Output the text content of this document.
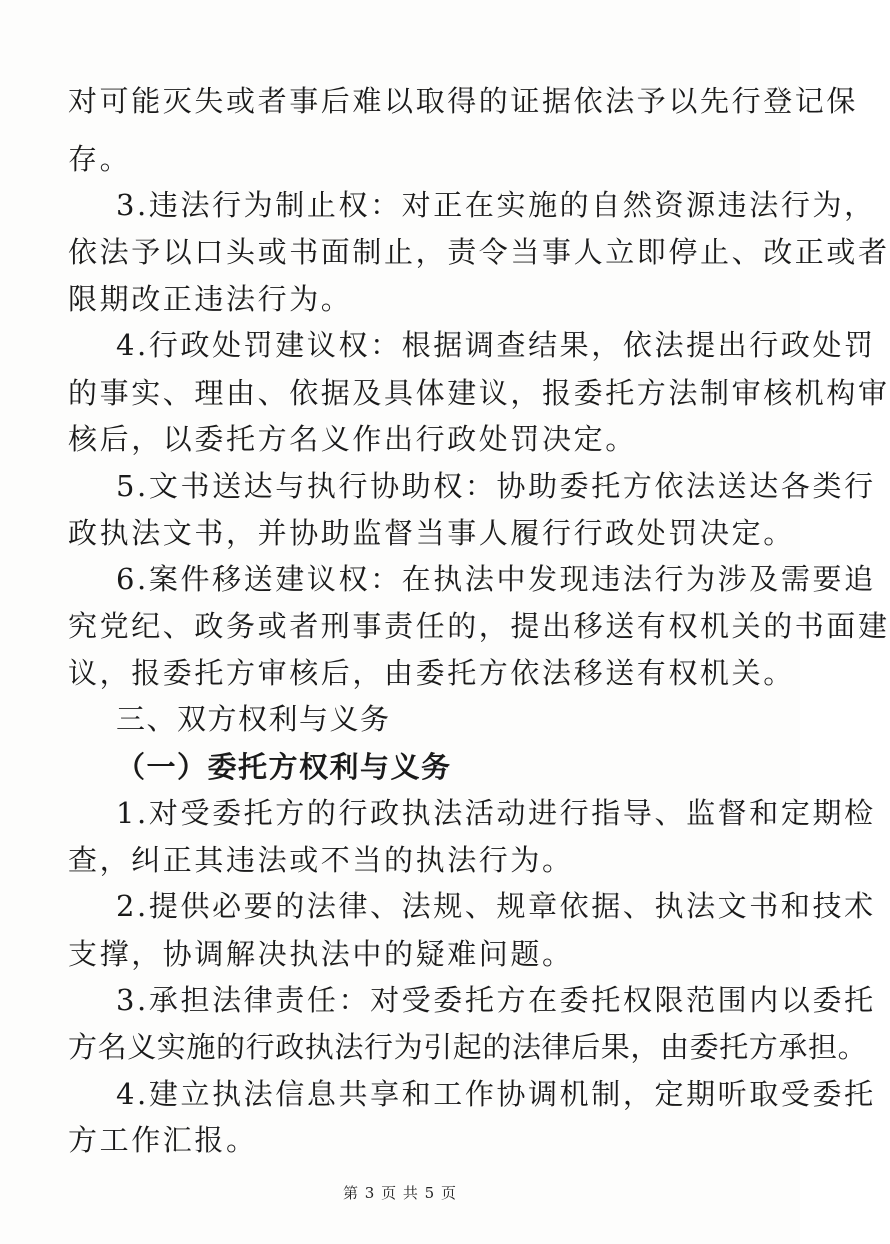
对可能灭失或者事后难以取得的证据依法予以先行登记保
存。
3.违法行为制止权：对正在实施的自然资源违法行为，
依法予以口头或书面制止，责令当事人立即停止、改正或者
限期改正违法行为。
4.行政处罚建议权：根据调查结果，依法提出行政处罚
的事实、理由、依据及具体建议，报委托方法制审核机构审
核后，以委托方名义作出行政处罚决定。
5.文书送达与执行协助权：协助委托方依法送达各类行
政执法文书，并协助监督当事人履行行政处罚决定。
6.案件移送建议权：在执法中发现违法行为涉及需要追
究党纪、政务或者刑事责任的，提出移送有权机关的书面建
议，报委托方审核后，由委托方依法移送有权机关。
三、双方权利与义务
（一）委托方权利与义务
1.对受委托方的行政执法活动进行指导、监督和定期检
查，纠正其违法或不当的执法行为。
2.提供必要的法律、法规、规章依据、执法文书和技术
支撑，协调解决执法中的疑难问题。
3.承担法律责任：对受委托方在委托权限范围内以委托
方名义实施的行政执法行为引起的法律后果，由委托方承担。
4.建立执法信息共享和工作协调机制，定期听取受委托
方工作汇报。
第 3 页 共 5 页
